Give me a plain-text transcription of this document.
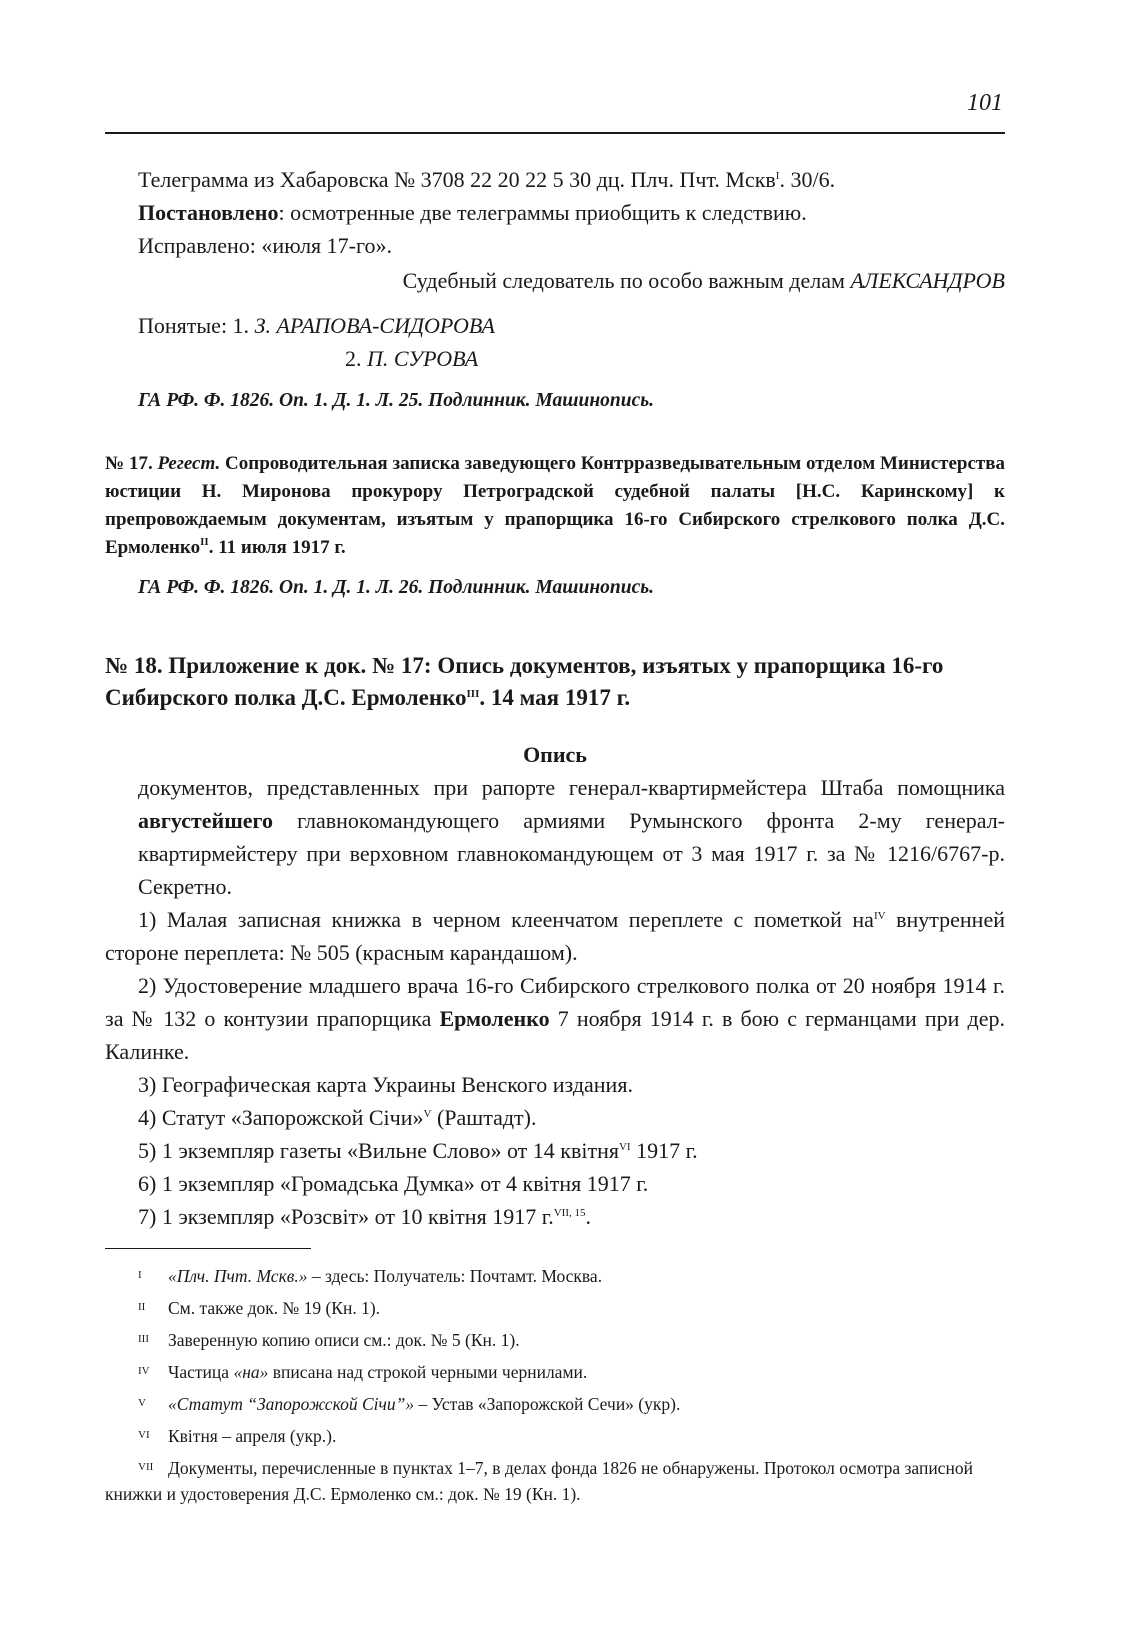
101
Телеграмма из Хабаровска № 3708 22 20 22 5 30 дц. Плч. Пчт. Мскв$^I$. 30/6.
Постановлено: осмотренные две телеграммы приобщить к следствию.
Исправлено: «июля 17-го».
Судебный следователь по особо важным делам АЛЕКСАНДРОВ
Понятые: 1. З. АРАПОВА-СИДОРОВА
2. П. СУРОВА
ГА РФ. Ф. 1826. Оп. 1. Д. 1. Л. 25. Подлинник. Машинопись.
№ 17. Регест. Сопроводительная записка заведующего Контрразведывательным отделом Министерства юстиции Н. Миронова прокурору Петроградской судебной палаты [Н.С. Каринскому] к препровождаемым документам, изъятым у прапорщика 16-го Сибирского стрелкового полка Д.С. Ермоленко$^{II}$. 11 июля 1917 г.
ГА РФ. Ф. 1826. Оп. 1. Д. 1. Л. 26. Подлинник. Машинопись.
№ 18. Приложение к док. № 17: Опись документов, изъятых у прапорщика 16-го Сибирского полка Д.С. Ермоленко$^{III}$. 14 мая 1917 г.
Опись
документов, представленных при рапорте генерал-квартирмейстера Штаба помощника августейшего главнокомандующего армиями Румынского фронта 2-му генерал-квартирмейстеру при верховном главнокомандующем от 3 мая 1917 г. за № 1216/6767-р. Секретно.
1) Малая записная книжка в черном клеенчатом переплете с пометкой $на^{IV}$ внутренней стороне переплета: № 505 (красным карандашом).
2) Удостоверение младшего врача 16-го Сибирского стрелкового полка от 20 ноября 1914 г. за № 132 о контузии прапорщика Ермоленко 7 ноября 1914 г. в бою с германцами при дер. Калинке.
3) Географическая карта Украины Венского издания.
4) Статут «Запорожской Січи»$^V$ (Раштадт).
5) 1 экземпляр газеты «Вильне Слово» от 14 квітня$^{VI}$ 1917 г.
6) 1 экземпляр «Громадська Думка» от 4 квітня 1917 г.
7) 1 экземпляр «Розсвіт» от 10 квітня 1917 г.$^{VII, 15}$.
I «Плч. Пчт. Мскв.» – здесь: Получатель: Почтамт. Москва.
II См. также док. № 19 (Кн. 1).
III Заверенную копию описи см.: док. № 5 (Кн. 1).
IV Частица «на» вписана над строкой черными чернилами.
V «Статут “Запорожской Січи”» – Устав «Запорожской Сечи» (укр).
VI Квітня – апреля (укр.).
VII Документы, перечисленные в пунктах 1–7, в делах фонда 1826 не обнаружены. Протокол осмотра записной книжки и удостоверения Д.С. Ермоленко см.: док. № 19 (Кн. 1).
